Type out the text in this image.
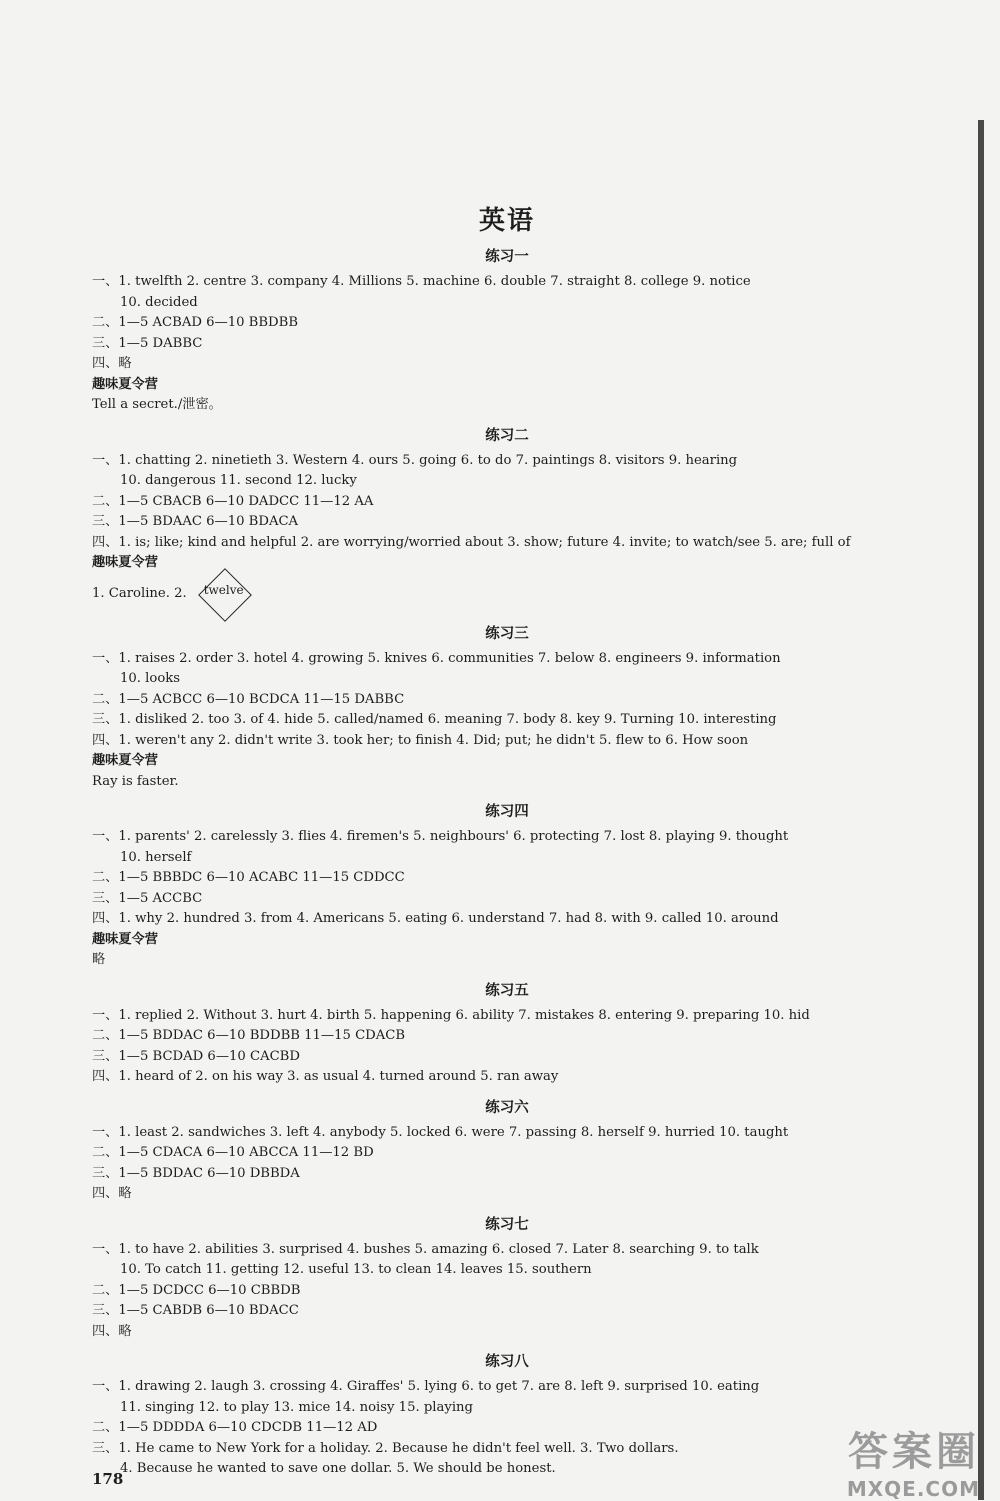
英语
练习一
一、1. twelfth 2. centre 3. company 4. Millions 5. machine 6. double 7. straight 8. college 9. notice
10. decided
二、1—5 ACBAD 6—10 BBDBB
三、1—5 DABBC
四、略
趣味夏令营
Tell a secret./泄密。
练习二
一、1. chatting 2. ninetieth 3. Western 4. ours 5. going 6. to do 7. paintings 8. visitors 9. hearing
10. dangerous 11. second 12. lucky
二、1—5 CBACB 6—10 DADCC 11—12 AA
三、1—5 BDAAC 6—10 BDACA
四、1. is; like; kind and helpful 2. are worrying/worried about 3. show; future 4. invite; to watch/see 5. are; full of
趣味夏令营
1. Caroline. 2.	twelve
练习三
一、1. raises 2. order 3. hotel 4. growing 5. knives 6. communities 7. below 8. engineers 9. information
10. looks
二、1—5 ACBCC 6—10 BCDCA 11—15 DABBC
三、1. disliked 2. too 3. of 4. hide 5. called/named 6. meaning 7. body 8. key 9. Turning 10. interesting
四、1. weren't any 2. didn't write 3. took her; to finish 4. Did; put; he didn't 5. flew to 6. How soon
趣味夏令营
Ray is faster.
练习四
一、1. parents' 2. carelessly 3. flies 4. firemen's 5. neighbours' 6. protecting 7. lost 8. playing 9. thought
10. herself
二、1—5 BBBDC 6—10 ACABC 11—15 CDDCC
三、1—5 ACCBC
四、1. why 2. hundred 3. from 4. Americans 5. eating 6. understand 7. had 8. with 9. called 10. around
趣味夏令营
略
练习五
一、1. replied 2. Without 3. hurt 4. birth 5. happening 6. ability 7. mistakes 8. entering 9. preparing 10. hid
二、1—5 BDDAC 6—10 BDDBB 11—15 CDACB
三、1—5 BCDAD 6—10 CACBD
四、1. heard of 2. on his way 3. as usual 4. turned around 5. ran away
练习六
一、1. least 2. sandwiches 3. left 4. anybody 5. locked 6. were 7. passing 8. herself 9. hurried 10. taught
二、1—5 CDACA 6—10 ABCCA 11—12 BD
三、1—5 BDDAC 6—10 DBBDA
四、略
练习七
一、1. to have 2. abilities 3. surprised 4. bushes 5. amazing 6. closed 7. Later 8. searching 9. to talk
10. To catch 11. getting 12. useful 13. to clean 14. leaves 15. southern
二、1—5 DCDCC 6—10 CBBDB
三、1—5 CABDB 6—10 BDACC
四、略
练习八
一、1. drawing 2. laugh 3. crossing 4. Giraffes' 5. lying 6. to get 7. are 8. left 9. surprised 10. eating
11. singing 12. to play 13. mice 14. noisy 15. playing
二、1—5 DDDDA 6—10 CDCDB 11—12 AD
三、1. He came to New York for a holiday. 2. Because he didn't feel well. 3. Two dollars.
4. Because he wanted to save one dollar. 5. We should be honest.
178
答案圈
MXQE.COM
